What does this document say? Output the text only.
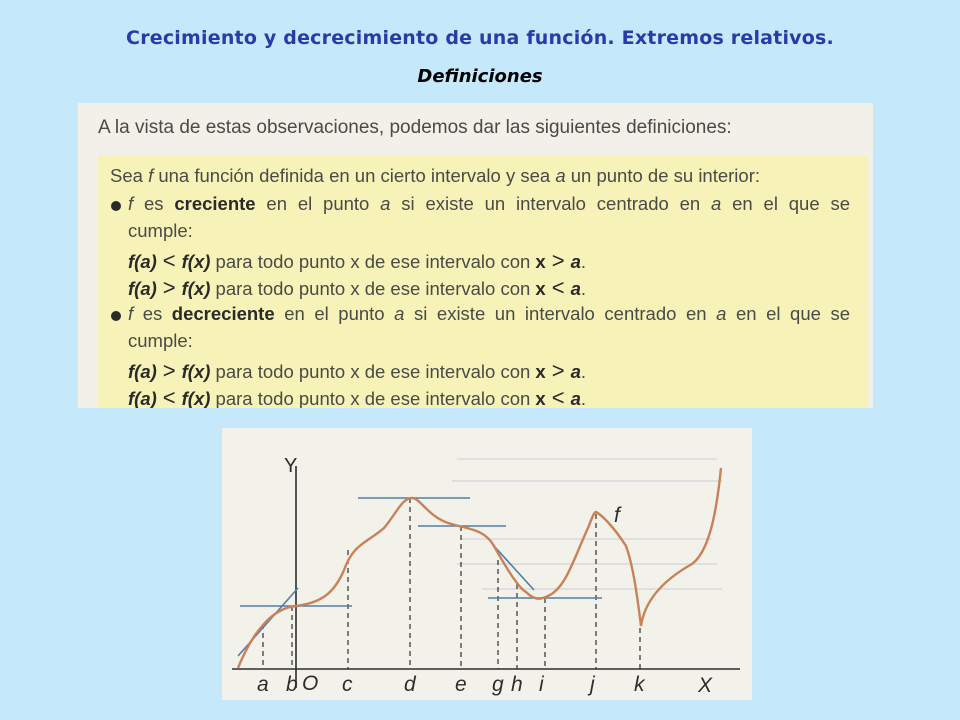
Crecimiento y decrecimiento de una función. Extremos relativos.
Definiciones
A la vista de estas observaciones, podemos dar las siguientes definiciones:
Sea f una función definida en un cierto intervalo y sea a un punto de su interior:
f es creciente en el punto a si existe un intervalo centrado en a en el que se
cumple:
f(a) < f(x) para todo punto x de ese intervalo con x > a.
f(a) > f(x) para todo punto x de ese intervalo con x < a.
f es decreciente en el punto a si existe un intervalo centrado en a en el que se
cumple:
f(a) > f(x) para todo punto x de ese intervalo con x > a.
f(a) < f(x) para todo punto x de ese intervalo con x < a.
Y
f
O	X
a b c d e g h i j k
